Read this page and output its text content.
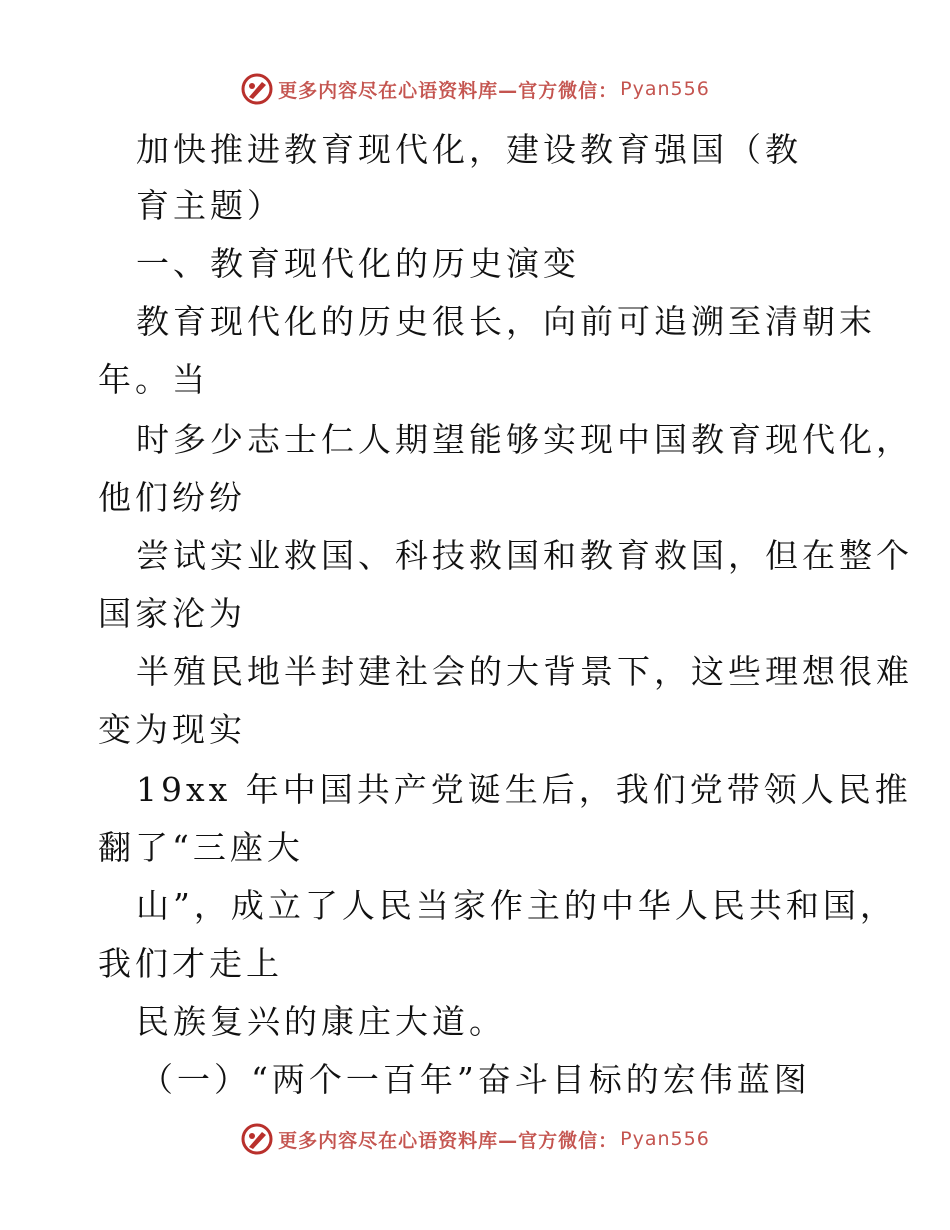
更多内容尽在心语资料库—官方微信： Pyan556
加快推进教育现代化，建设教育强国（教
育主题）
一、教育现代化的历史演变
教育现代化的历史很长，向前可追溯至清朝末
年。当
时多少志士仁人期望能够实现中国教育现代化，
他们纷纷
尝试实业救国、科技救国和教育救国，但在整个
国家沦为
半殖民地半封建社会的大背景下，这些理想很难
变为现实
19xx 年中国共产党诞生后，我们党带领人民推
翻了“三座大
山”，成立了人民当家作主的中华人民共和国，
我们才走上
民族复兴的康庄大道。
（一）“两个一百年”奋斗目标的宏伟蓝图
更多内容尽在心语资料库—官方微信： Pyan556
